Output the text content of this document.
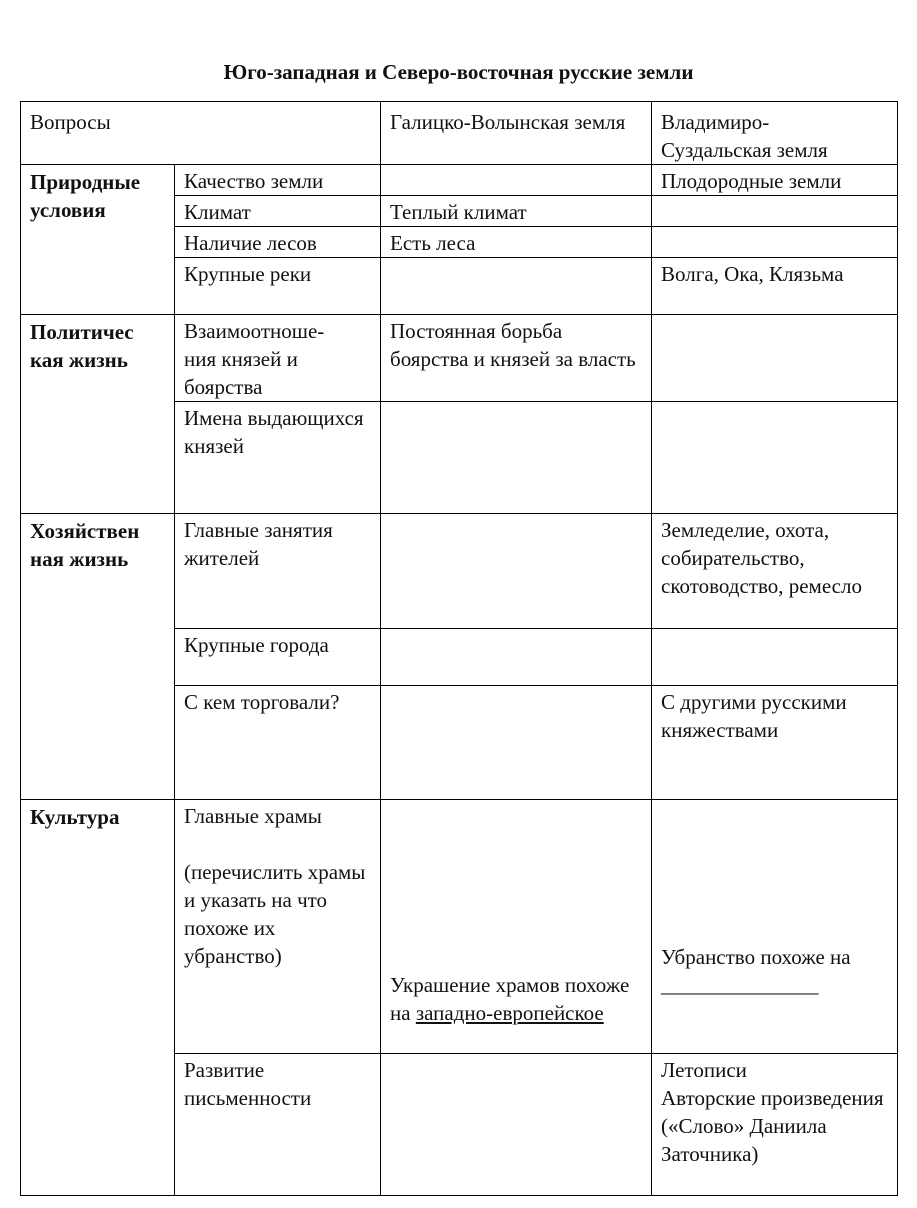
Юго-западная и Северо-восточная русские земли
Вопросы		Галицко-Волынская земля	Владимиро-
Суздальская земля
Природные условия	Качество земли		Плодородные земли
	Климат	Теплый климат	
	Наличие лесов	Есть леса	
	Крупные реки		Волга, Ока, Клязьма
Политичес
кая жизнь	Взаимоотноше-
ния князей и
боярства	Постоянная борьба боярства и князей за власть	
	Имена выдающихся князей		
Хозяйствен
ная жизнь	Главные занятия жителей		Земледелие, охота, собирательство, скотоводство, ремесло
	Крупные города		
	С кем торговали?		С другими русскими княжествами
Культура	Главные храмы
(перечислить храмы и указать на что похоже их убранство)	Украшение храмов похоже на западно-европейское	Убранство похоже на _______________
	Развитие письменности		Летописи
Авторские произведения («Слово» Даниила Заточника)
